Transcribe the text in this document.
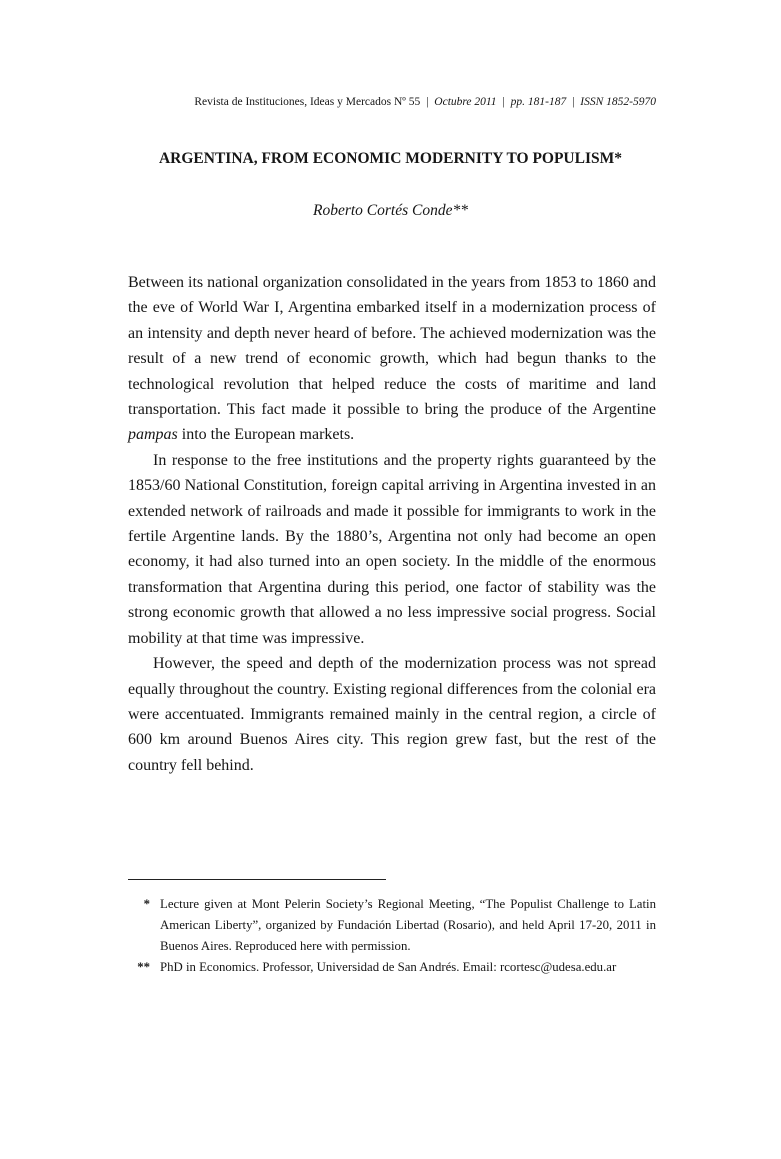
Revista de Instituciones, Ideas y Mercados Nº 55 | Octubre 2011 | pp. 181-187 | ISSN 1852-5970
ARGENTINA, FROM ECONOMIC MODERNITY TO POPULISM*
Roberto Cortés Conde**

Between its national organization consolidated in the years from 1853 to 1860 and the eve of World War I, Argentina embarked itself in a modernization process of an intensity and depth never heard of before. The achieved modernization was the result of a new trend of economic growth, which had begun thanks to the technological revolution that helped reduce the costs of maritime and land transportation. This fact made it possible to bring the produce of the Argentine pampas into the European markets.

In response to the free institutions and the property rights guaranteed by the 1853/60 National Constitution, foreign capital arriving in Argentina invested in an extended network of railroads and made it possible for immigrants to work in the fertile Argentine lands. By the 1880’s, Argentina not only had become an open economy, it had also turned into an open society. In the middle of the enormous transformation that Argentina during this period, one factor of stability was the strong economic growth that allowed a no less impressive social progress. Social mobility at that time was impressive.

However, the speed and depth of the modernization process was not spread equally throughout the country. Existing regional differences from the colonial era were accentuated. Immigrants remained mainly in the central region, a circle of 600 km around Buenos Aires city. This region grew fast, but the rest of the country fell behind.

* Lecture given at Mont Pelerin Society’s Regional Meeting, “The Populist Challenge to Latin American Liberty”, organized by Fundación Libertad (Rosario), and held April 17-20, 2011 in Buenos Aires. Reproduced here with permission.
** PhD in Economics. Professor, Universidad de San Andrés. Email: rcortesc@udesa.edu.ar
